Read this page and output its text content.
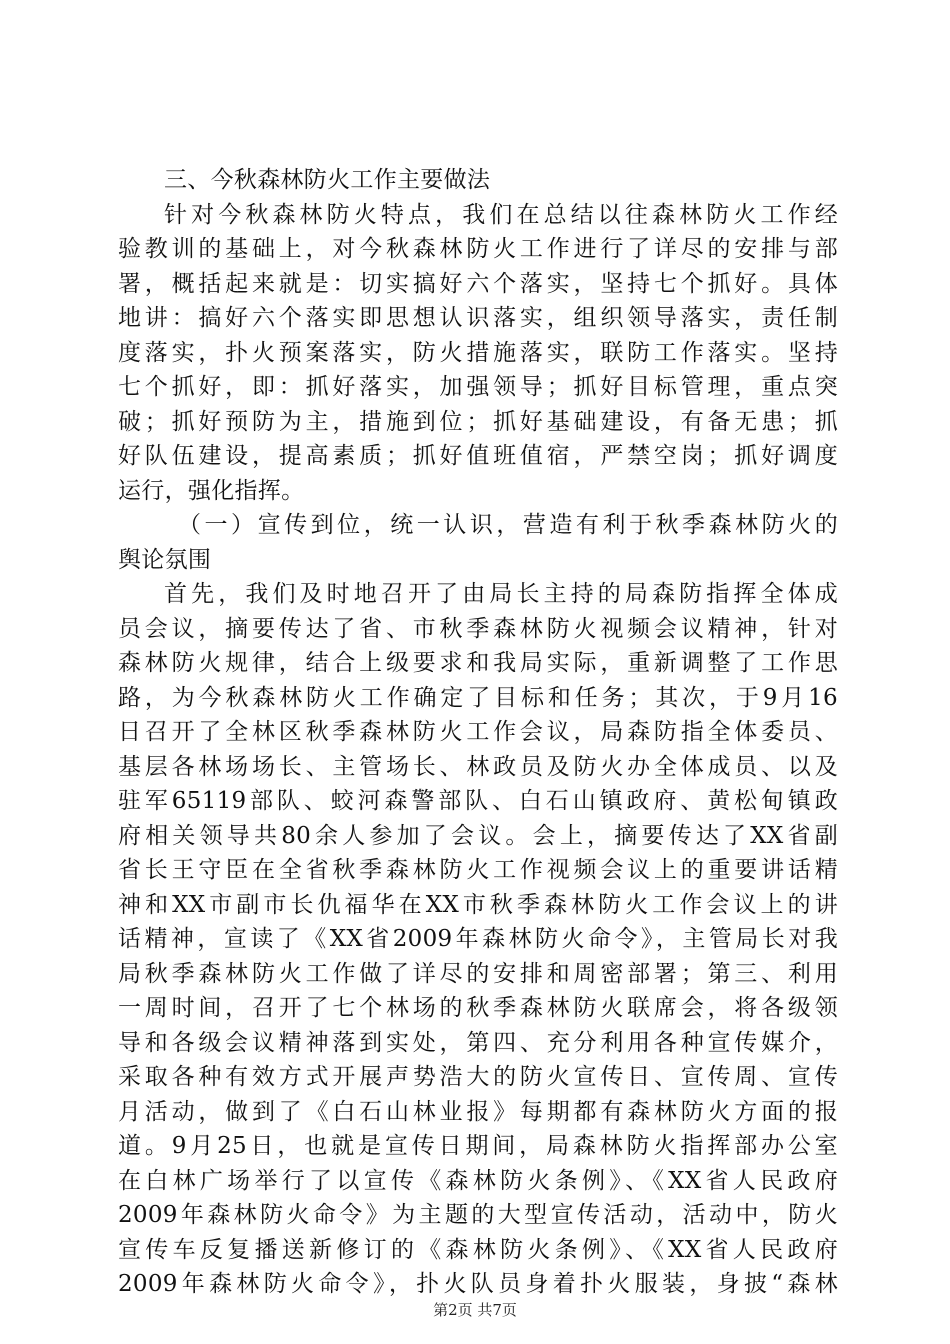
三、今秋森林防火工作主要做法
针对今秋森林防火特点，我们在总结以往森林防火工作经
验教训的基础上，对今秋森林防火工作进行了详尽的安排与部
署，概括起来就是：切实搞好六个落实，坚持七个抓好。具体
地讲：搞好六个落实即思想认识落实，组织领导落实，责任制
度落实，扑火预案落实，防火措施落实，联防工作落实。坚持
七个抓好，即：抓好落实，加强领导；抓好目标管理，重点突
破；抓好预防为主，措施到位；抓好基础建设，有备无患；抓
好队伍建设，提高素质；抓好值班值宿，严禁空岗；抓好调度
运行，强化指挥。
（一）宣传到位，统一认识，营造有利于秋季森林防火的
舆论氛围
首先，我们及时地召开了由局长主持的局森防指挥全体成
员会议，摘要传达了省、市秋季森林防火视频会议精神，针对
森林防火规律，结合上级要求和我局实际，重新调整了工作思
路，为今秋森林防火工作确定了目标和任务；其次，于9月16
日召开了全林区秋季森林防火工作会议，局森防指全体委员、
基层各林场场长、主管场长、林政员及防火办全体成员、以及
驻军65119部队、蛟河森警部队、白石山镇政府、黄松甸镇政
府相关领导共80余人参加了会议。会上，摘要传达了XX省副
省长王守臣在全省秋季森林防火工作视频会议上的重要讲话精
神和XX市副市长仇福华在XX市秋季森林防火工作会议上的讲
话精神，宣读了《XX省2009年森林防火命令》，主管局长对我
局秋季森林防火工作做了详尽的安排和周密部署；第三、利用
一周时间，召开了七个林场的秋季森林防火联席会，将各级领
导和各级会议精神落到实处，第四、充分利用各种宣传媒介，
采取各种有效方式开展声势浩大的防火宣传日、宣传周、宣传
月活动，做到了《白石山林业报》每期都有森林防火方面的报
道。9月25日，也就是宣传日期间，局森林防火指挥部办公室
在白林广场举行了以宣传《森林防火条例》、《XX省人民政府
2009年森林防火命令》为主题的大型宣传活动，活动中，防火
宣传车反复播送新修订的《森林防火条例》、《XX省人民政府
2009年森林防火命令》，扑火队员身着扑火服装，身披“森林
第2页 共7页
